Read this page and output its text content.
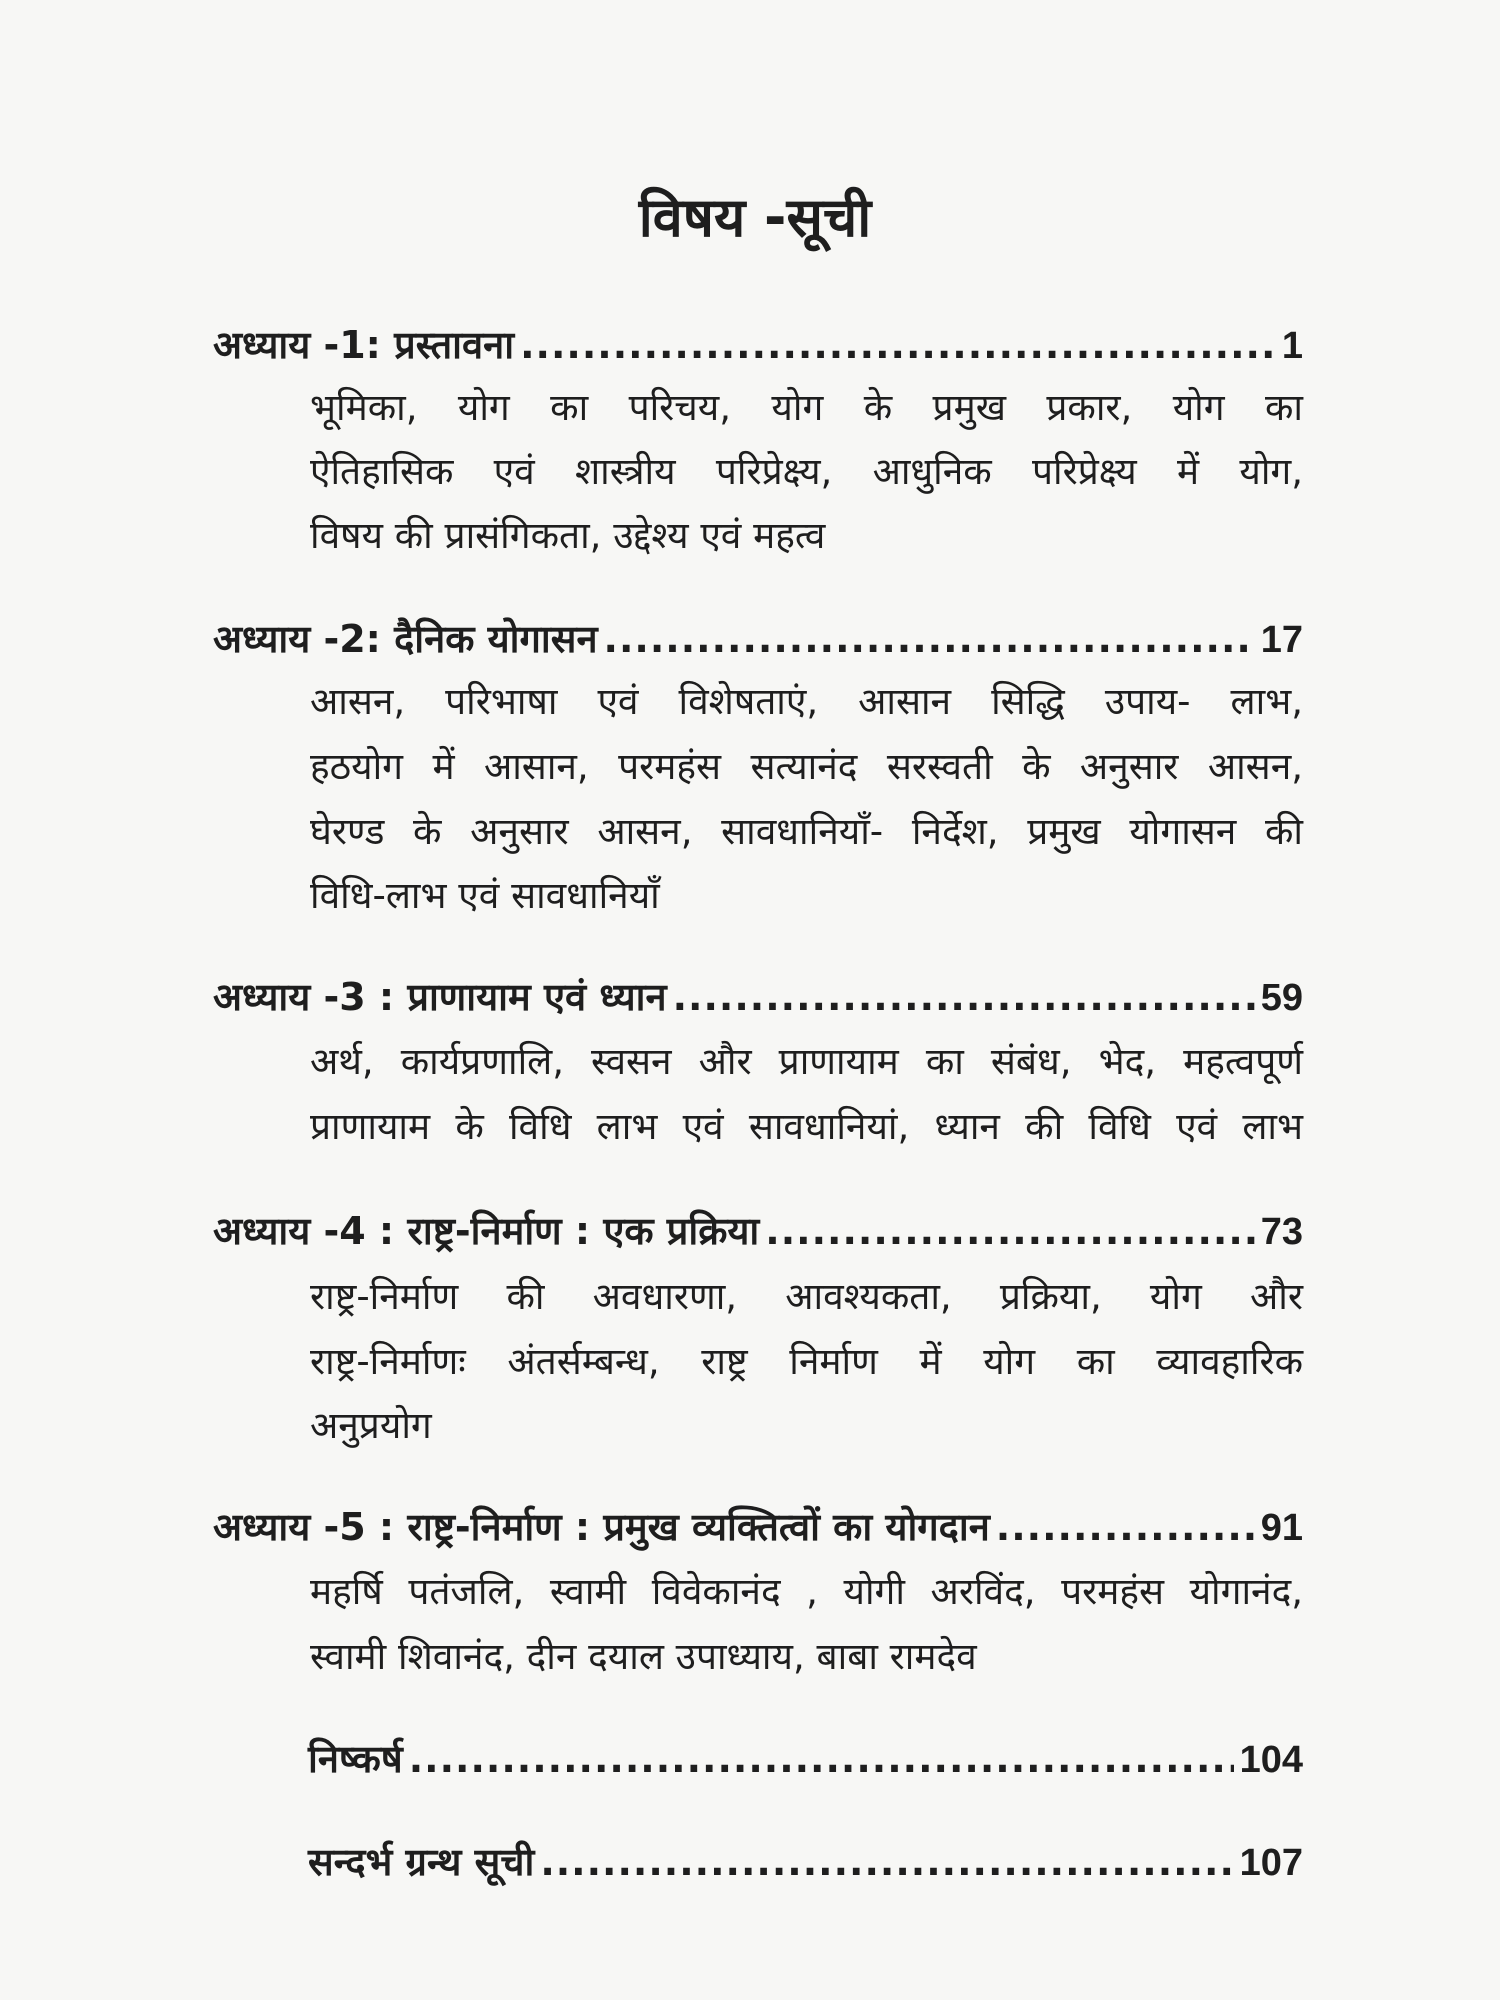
विषय -सूची
अध्याय -1: प्रस्तावना .....	1
भूमिका, योग का परिचय, योग के प्रमुख प्रकार, योग का
ऐतिहासिक एवं शास्त्रीय परिप्रेक्ष्य, आधुनिक परिप्रेक्ष्य में योग,
विषय की प्रासंगिकता, उद्देश्य एवं महत्व
अध्याय -2: दैनिक योगासन .....	17
आसन, परिभाषा एवं विशेषताएं, आसान सिद्धि उपाय- लाभ,
हठयोग में आसान, परमहंस सत्यानंद सरस्वती के अनुसार आसन,
घेरण्ड के अनुसार आसन, सावधानियाँ- निर्देश, प्रमुख योगासन की
विधि-लाभ एवं सावधानियाँ
अध्याय -3 : प्राणायाम एवं ध्यान .....	59
अर्थ, कार्यप्रणालि, स्वसन और प्राणायाम का संबंध, भेद, महत्वपूर्ण
प्राणायाम के विधि लाभ एवं सावधानियां, ध्यान की विधि एवं लाभ
अध्याय -4 : राष्ट्र-निर्माण : एक प्रक्रिया .....	73
राष्ट्र-निर्माण की अवधारणा, आवश्यकता, प्रक्रिया, योग और
राष्ट्र-निर्माणः अंतर्सम्बन्ध, राष्ट्र निर्माण में योग का व्यावहारिक
अनुप्रयोग
अध्याय -5 : राष्ट्र-निर्माण : प्रमुख व्यक्तित्वों का योगदान .....	91
महर्षि पतंजलि, स्वामी विवेकानंद , योगी अरविंद, परमहंस योगानंद,
स्वामी शिवानंद, दीन दयाल उपाध्याय, बाबा रामदेव
निष्कर्ष .....	104
सन्दर्भ ग्रन्थ सूची .....	107
